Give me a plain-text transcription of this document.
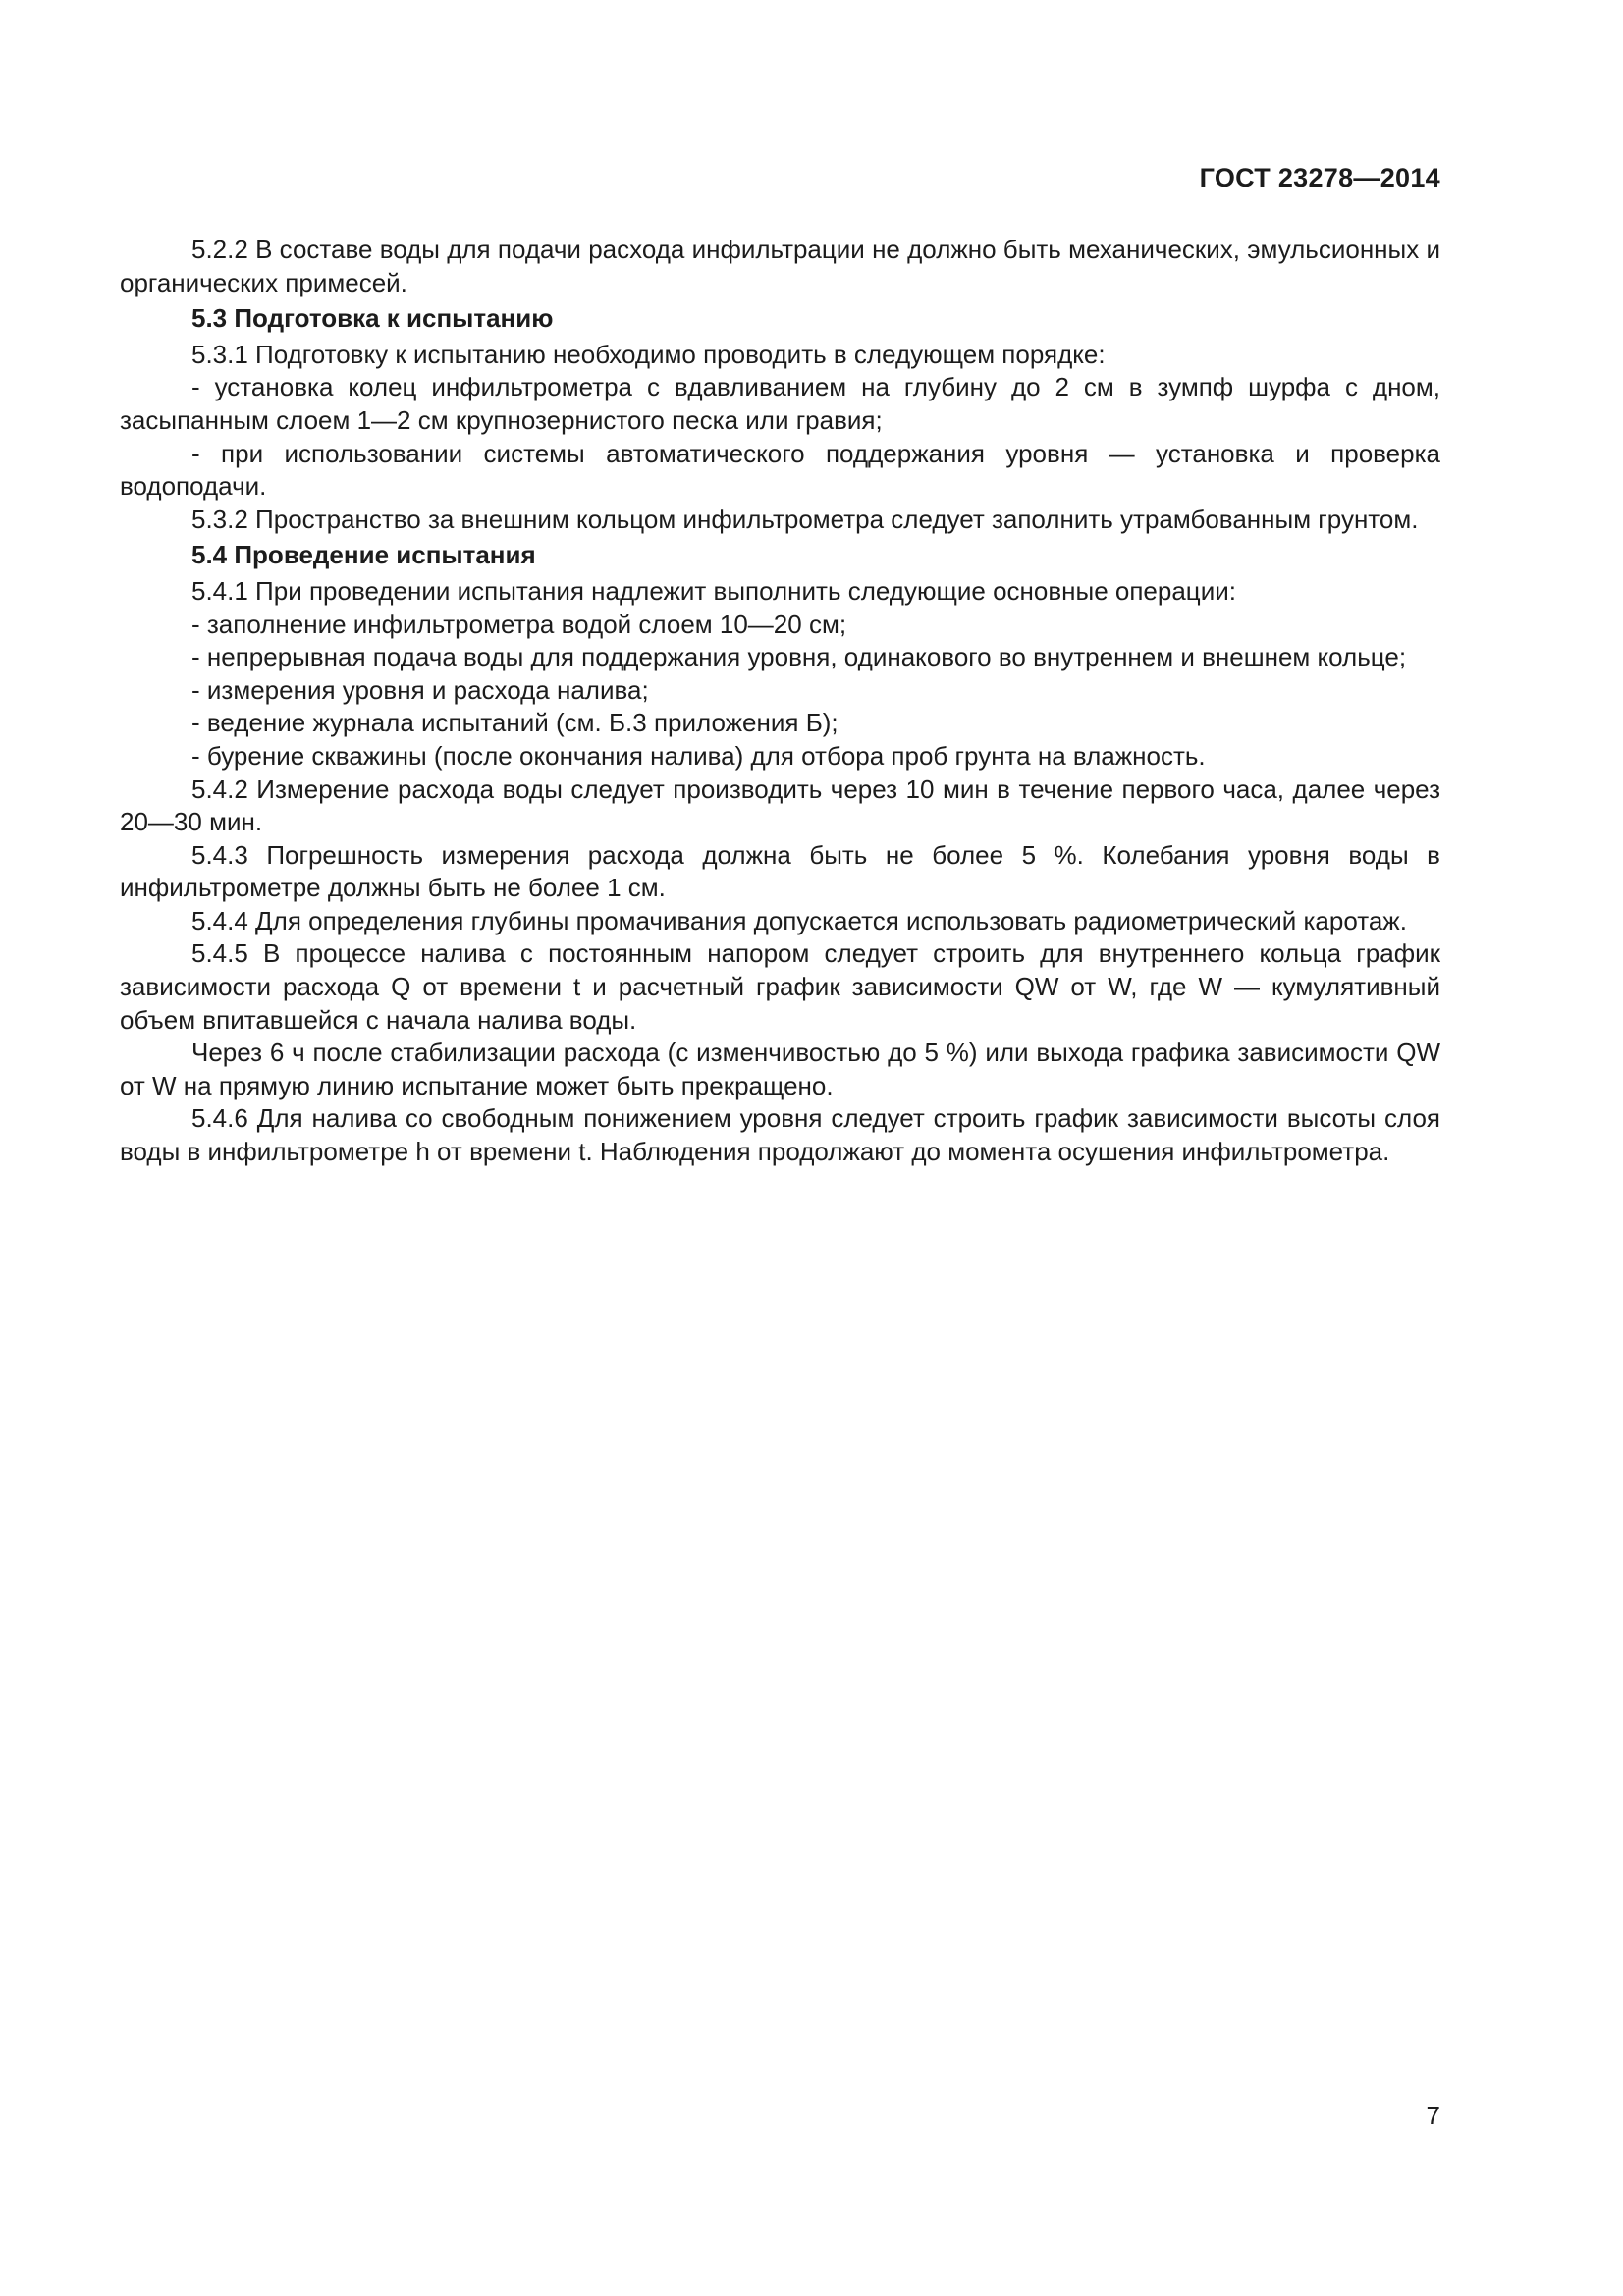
ГОСТ 23278—2014

5.2.2 В составе воды для подачи расхода инфильтрации не должно быть механических, эмульсионных и органических примесей.

5.3 Подготовка к испытанию

5.3.1 Подготовку к испытанию необходимо проводить в следующем порядке:

- установка колец инфильтрометра с вдавливанием на глубину до 2 см в зумпф шурфа с дном, засыпанным слоем 1—2 см крупнозернистого песка или гравия;

- при использовании системы автоматического поддержания уровня — установка и проверка водоподачи.

5.3.2 Пространство за внешним кольцом инфильтрометра следует заполнить утрамбованным грунтом.

5.4 Проведение испытания

5.4.1 При проведении испытания надлежит выполнить следующие основные операции:

- заполнение инфильтрометра водой слоем 10—20 см;

- непрерывная подача воды для поддержания уровня, одинакового во внутреннем и внешнем кольце;

- измерения уровня и расхода налива;

- ведение журнала испытаний (см. Б.3 приложения Б);

- бурение скважины (после окончания налива) для отбора проб грунта на влажность.

5.4.2 Измерение расхода воды следует производить через 10 мин в течение первого часа, далее через 20—30 мин.

5.4.3 Погрешность измерения расхода должна быть не более 5 %. Колебания уровня воды в инфильтрометре должны быть не более 1 см.

5.4.4 Для определения глубины промачивания допускается использовать радиометрический каротаж.

5.4.5 В процессе налива с постоянным напором следует строить для внутреннего кольца график зависимости расхода Q от времени t и расчетный график зависимости QW от W, где W — кумулятивный объем впитавшейся с начала налива воды.

Через 6 ч после стабилизации расхода (с изменчивостью до 5 %) или выхода графика зависимости QW от W на прямую линию испытание может быть прекращено.

5.4.6 Для налива со свободным понижением уровня следует строить график зависимости высоты слоя воды в инфильтрометре h от времени t. Наблюдения продолжают до момента осушения инфильтрометра.

7
